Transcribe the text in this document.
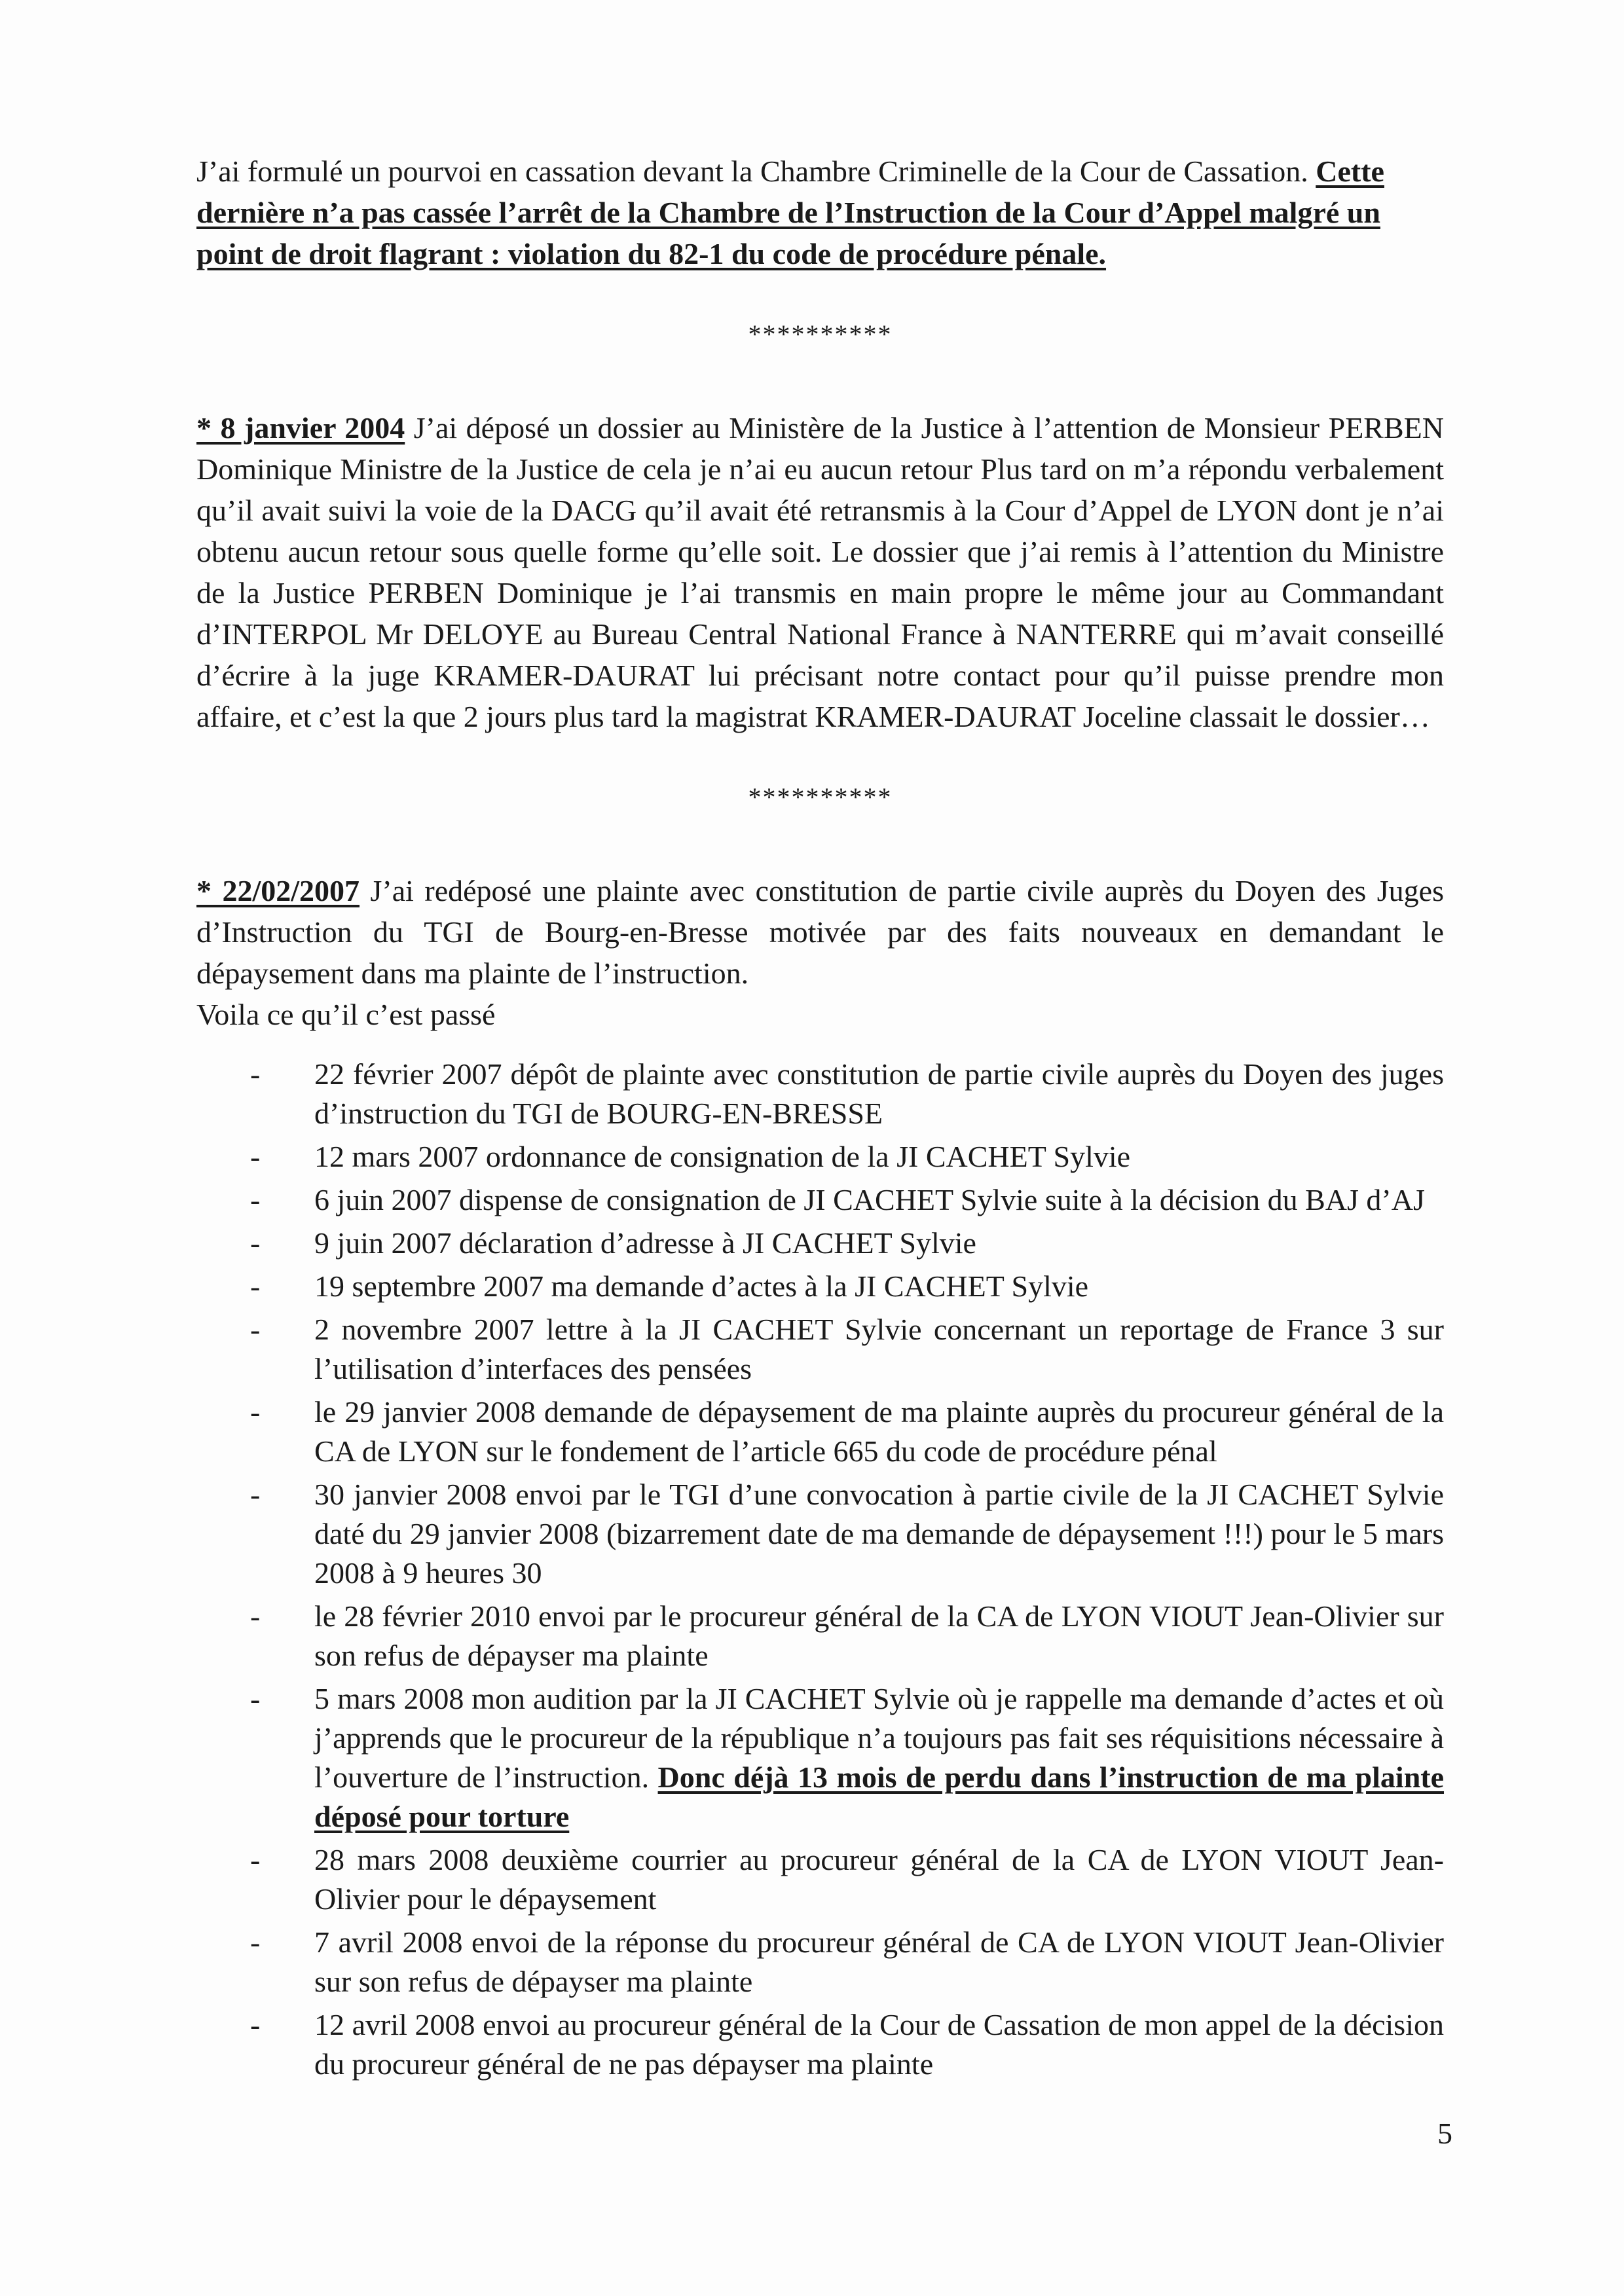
J’ai formulé un pourvoi en cassation devant la Chambre Criminelle de la Cour de Cassation. Cette dernière n’a pas cassée l’arrêt de la Chambre de l’Instruction de la Cour d’Appel malgré un point de droit flagrant : violation du 82-1 du code de procédure pénale.

**********

* 8 janvier 2004 J’ai déposé un dossier au Ministère de la Justice à l’attention de Monsieur PERBEN Dominique Ministre de la Justice de cela je n’ai eu aucun retour Plus tard on m’a répondu verbalement qu’il avait suivi la voie de la DACG qu’il avait été retransmis à la Cour d’Appel de LYON dont je n’ai obtenu aucun retour sous quelle forme qu’elle soit. Le dossier que j’ai remis à l’attention du Ministre de la Justice PERBEN Dominique je l’ai transmis en main propre le même jour au Commandant d’INTERPOL Mr DELOYE au Bureau Central National France à NANTERRE qui m’avait conseillé d’écrire à la juge KRAMER-DAURAT lui précisant notre contact pour qu’il puisse prendre mon affaire, et c’est la que 2 jours plus tard la magistrat KRAMER-DAURAT Joceline classait le dossier…

**********

* 22/02/2007 J’ai redéposé une plainte avec constitution de partie civile auprès du Doyen des Juges d’Instruction du TGI de Bourg-en-Bresse motivée par des faits nouveaux en demandant le dépaysement dans ma plainte de l’instruction.

Voila ce qu’il c’est passé

- 22 février 2007 dépôt de plainte avec constitution de partie civile auprès du Doyen des juges d’instruction du TGI de BOURG-EN-BRESSE
- 12 mars 2007 ordonnance de consignation de la JI CACHET Sylvie
- 6 juin 2007 dispense de consignation de JI CACHET Sylvie suite à la décision du BAJ d’AJ
- 9 juin 2007 déclaration d’adresse à JI CACHET Sylvie
- 19 septembre 2007 ma demande d’actes à la JI CACHET Sylvie
- 2 novembre 2007 lettre à la JI CACHET Sylvie concernant un reportage de France 3 sur l’utilisation d’interfaces des pensées
- le 29 janvier 2008 demande de dépaysement de ma plainte auprès du procureur général de la CA de LYON sur le fondement de l’article 665 du code de procédure pénal
- 30 janvier 2008 envoi par le TGI d’une convocation à partie civile de la JI CACHET Sylvie daté du 29 janvier 2008 (bizarrement date de ma demande de dépaysement !!!) pour le 5 mars 2008 à 9 heures 30
- le 28 février 2010 envoi par le procureur général de la CA de LYON VIOUT Jean-Olivier sur son refus de dépayser ma plainte
- 5 mars 2008 mon audition par la JI CACHET Sylvie où je rappelle ma demande d’actes et où j’apprends que le procureur de la république n’a toujours pas fait ses réquisitions nécessaire à l’ouverture de l’instruction. Donc déjà 13 mois de perdu dans l’instruction de ma plainte déposé pour torture
- 28 mars 2008 deuxième courrier au procureur général de la CA de LYON VIOUT Jean-Olivier pour le dépaysement
- 7 avril 2008 envoi de la réponse du procureur général de CA de LYON VIOUT Jean-Olivier sur son refus de dépayser ma plainte
- 12 avril 2008 envoi au procureur général de la Cour de Cassation de mon appel de la décision du procureur général de ne pas dépayser ma plainte
5
